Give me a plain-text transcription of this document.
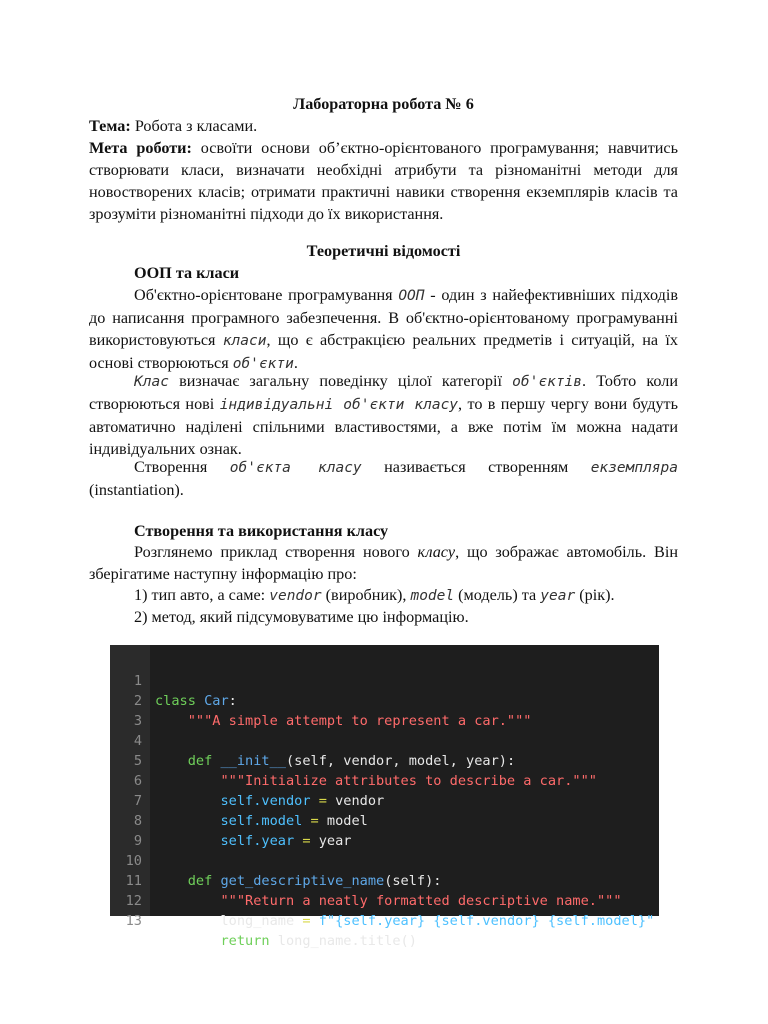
Лабораторна робота № 6
Тема: Робота з класами.
Мета роботи: освоїти основи об’єктно-орієнтованого програмування; навчитись створювати класи, визначати необхідні атрибути та різноманітні методи для новостворених класів; отримати практичні навики створення екземплярів класів та зрозуміти різноманітні підходи до їх використання.
Теоретичні відомості
ООП та класи
Об'єктно-орієнтоване програмування ООП - один з найефективніших підходів до написання програмного забезпечення. В об'єктно-орієнтованому програмуванні використовуються класи, що є абстракцією реальних предметів і ситуацій, на їх основі створюються об'єкти.
Клас визначає загальну поведінку цілої категорії об'єктів. Тобто коли створюються нові індивідуальні об'єкти класу, то в першу чергу вони будуть автоматично наділені спільними властивостями, а вже потім їм можна надати індивідуальних ознак.
Створення об'єкта класу називається створенням екземпляра (instantiation).
Створення та використання класу
Розглянемо приклад створення нового класу, що зображає автомобіль. Він зберігатиме наступну інформацію про:
1) тип авто, а саме: vendor (виробник), model (модель) та year (рік).
2) метод, який підсумовуватиме цю інформацію.

1

class Car:

2

"""A simple attempt to represent a car."""

3

4

def __init__(self, vendor, model, year):

5

"""Initialize attributes to describe a car."""

6

self.vendor = vendor

7

self.model = model

8

self.year = year

9

10

def get_descriptive_name(self):

11

"""Return a neatly formatted descriptive name."""

12

long_name = f"{self.year} {self.vendor} {self.model}"

13

return long_name.title()
